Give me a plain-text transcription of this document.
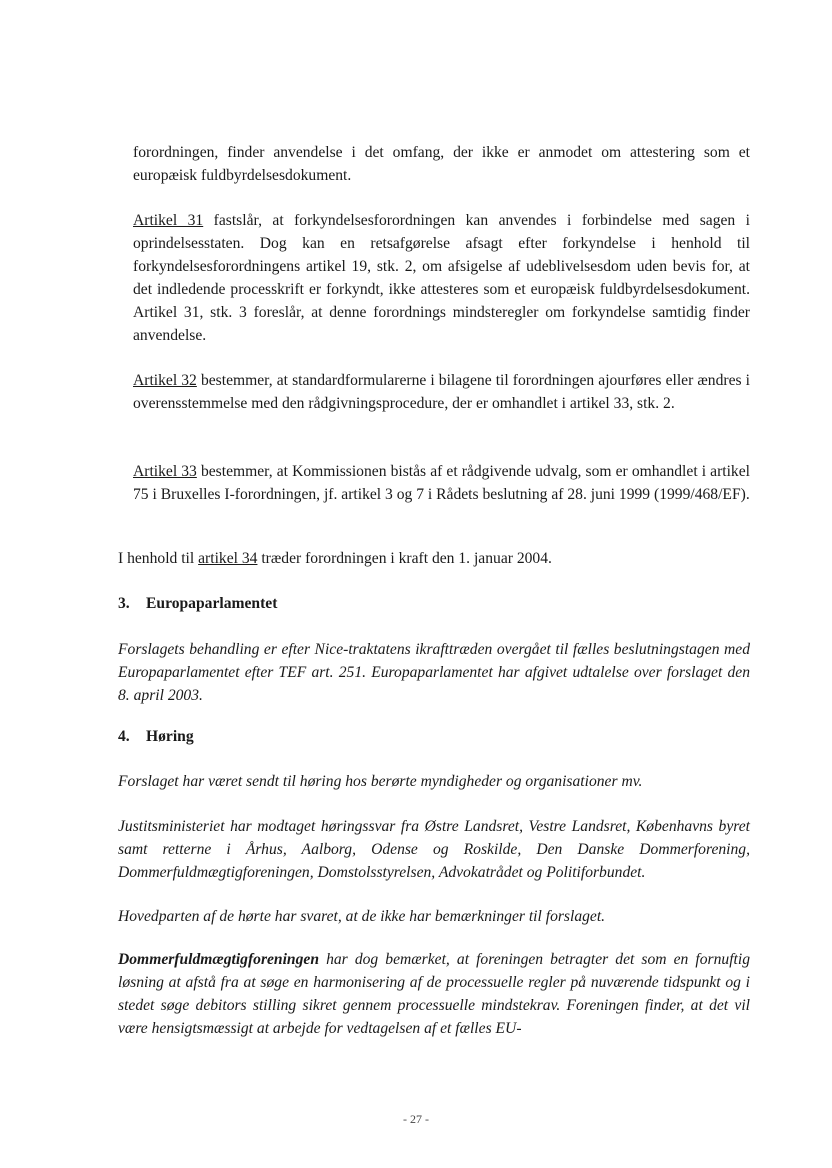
forordningen, finder anvendelse i det omfang, der ikke er anmodet om attestering som et europæisk fuldbyrdelsesdokument.

Artikel 31 fastslår, at forkyndelsesforordningen kan anvendes i forbindelse med sagen i oprindelsesstaten. Dog kan en retsafgørelse afsagt efter forkyndelse i henhold til forkyndelsesforordningens artikel 19, stk. 2, om afsigelse af udeblivelsesdom uden bevis for, at det indledende processkrift er forkyndt, ikke attesteres som et europæisk fuldbyrdelsesdokument. Artikel 31, stk. 3 foreslår, at denne forordnings mindsteregler om forkyndelse samtidig finder anvendelse.

Artikel 32 bestemmer, at standardformularerne i bilagene til forordningen ajourføres eller ændres i overensstemmelse med den rådgivningsprocedure, der er omhandlet i artikel 33, stk. 2.

Artikel 33 bestemmer, at Kommissionen bistås af et rådgivende udvalg, som er omhandlet i artikel 75 i Bruxelles I-forordningen, jf. artikel 3 og 7 i Rådets beslutning af 28. juni 1999 (1999/468/EF).

I henhold til artikel 34 træder forordningen i kraft den 1. januar 2004.

3. Europaparlamentet

Forslagets behandling er efter Nice-traktatens ikrafttræden overgået til fælles beslutningstagen med Europaparlamentet efter TEF art. 251. Europaparlamentet har afgivet udtalelse over forslaget den 8. april 2003.

4. Høring

Forslaget har været sendt til høring hos berørte myndigheder og organisationer mv.

Justitsministeriet har modtaget høringssvar fra Østre Landsret, Vestre Landsret, Københavns byret samt retterne i Århus, Aalborg, Odense og Roskilde, Den Danske Dommerforening, Dommerfuldmægtigforeningen, Domstolsstyrelsen, Advokatrådet og Politiforbundet.

Hovedparten af de hørte har svaret, at de ikke har bemærkninger til forslaget.

Dommerfuldmægtigforeningen har dog bemærket, at foreningen betragter det som en fornuftig løsning at afstå fra at søge en harmonisering af de processuelle regler på nuværende tidspunkt og i stedet søge debitors stilling sikret gennem processuelle mindstekrav. Foreningen finder, at det vil være hensigtsmæssigt at arbejde for vedtagelsen af et fælles EU-

- 27 -
